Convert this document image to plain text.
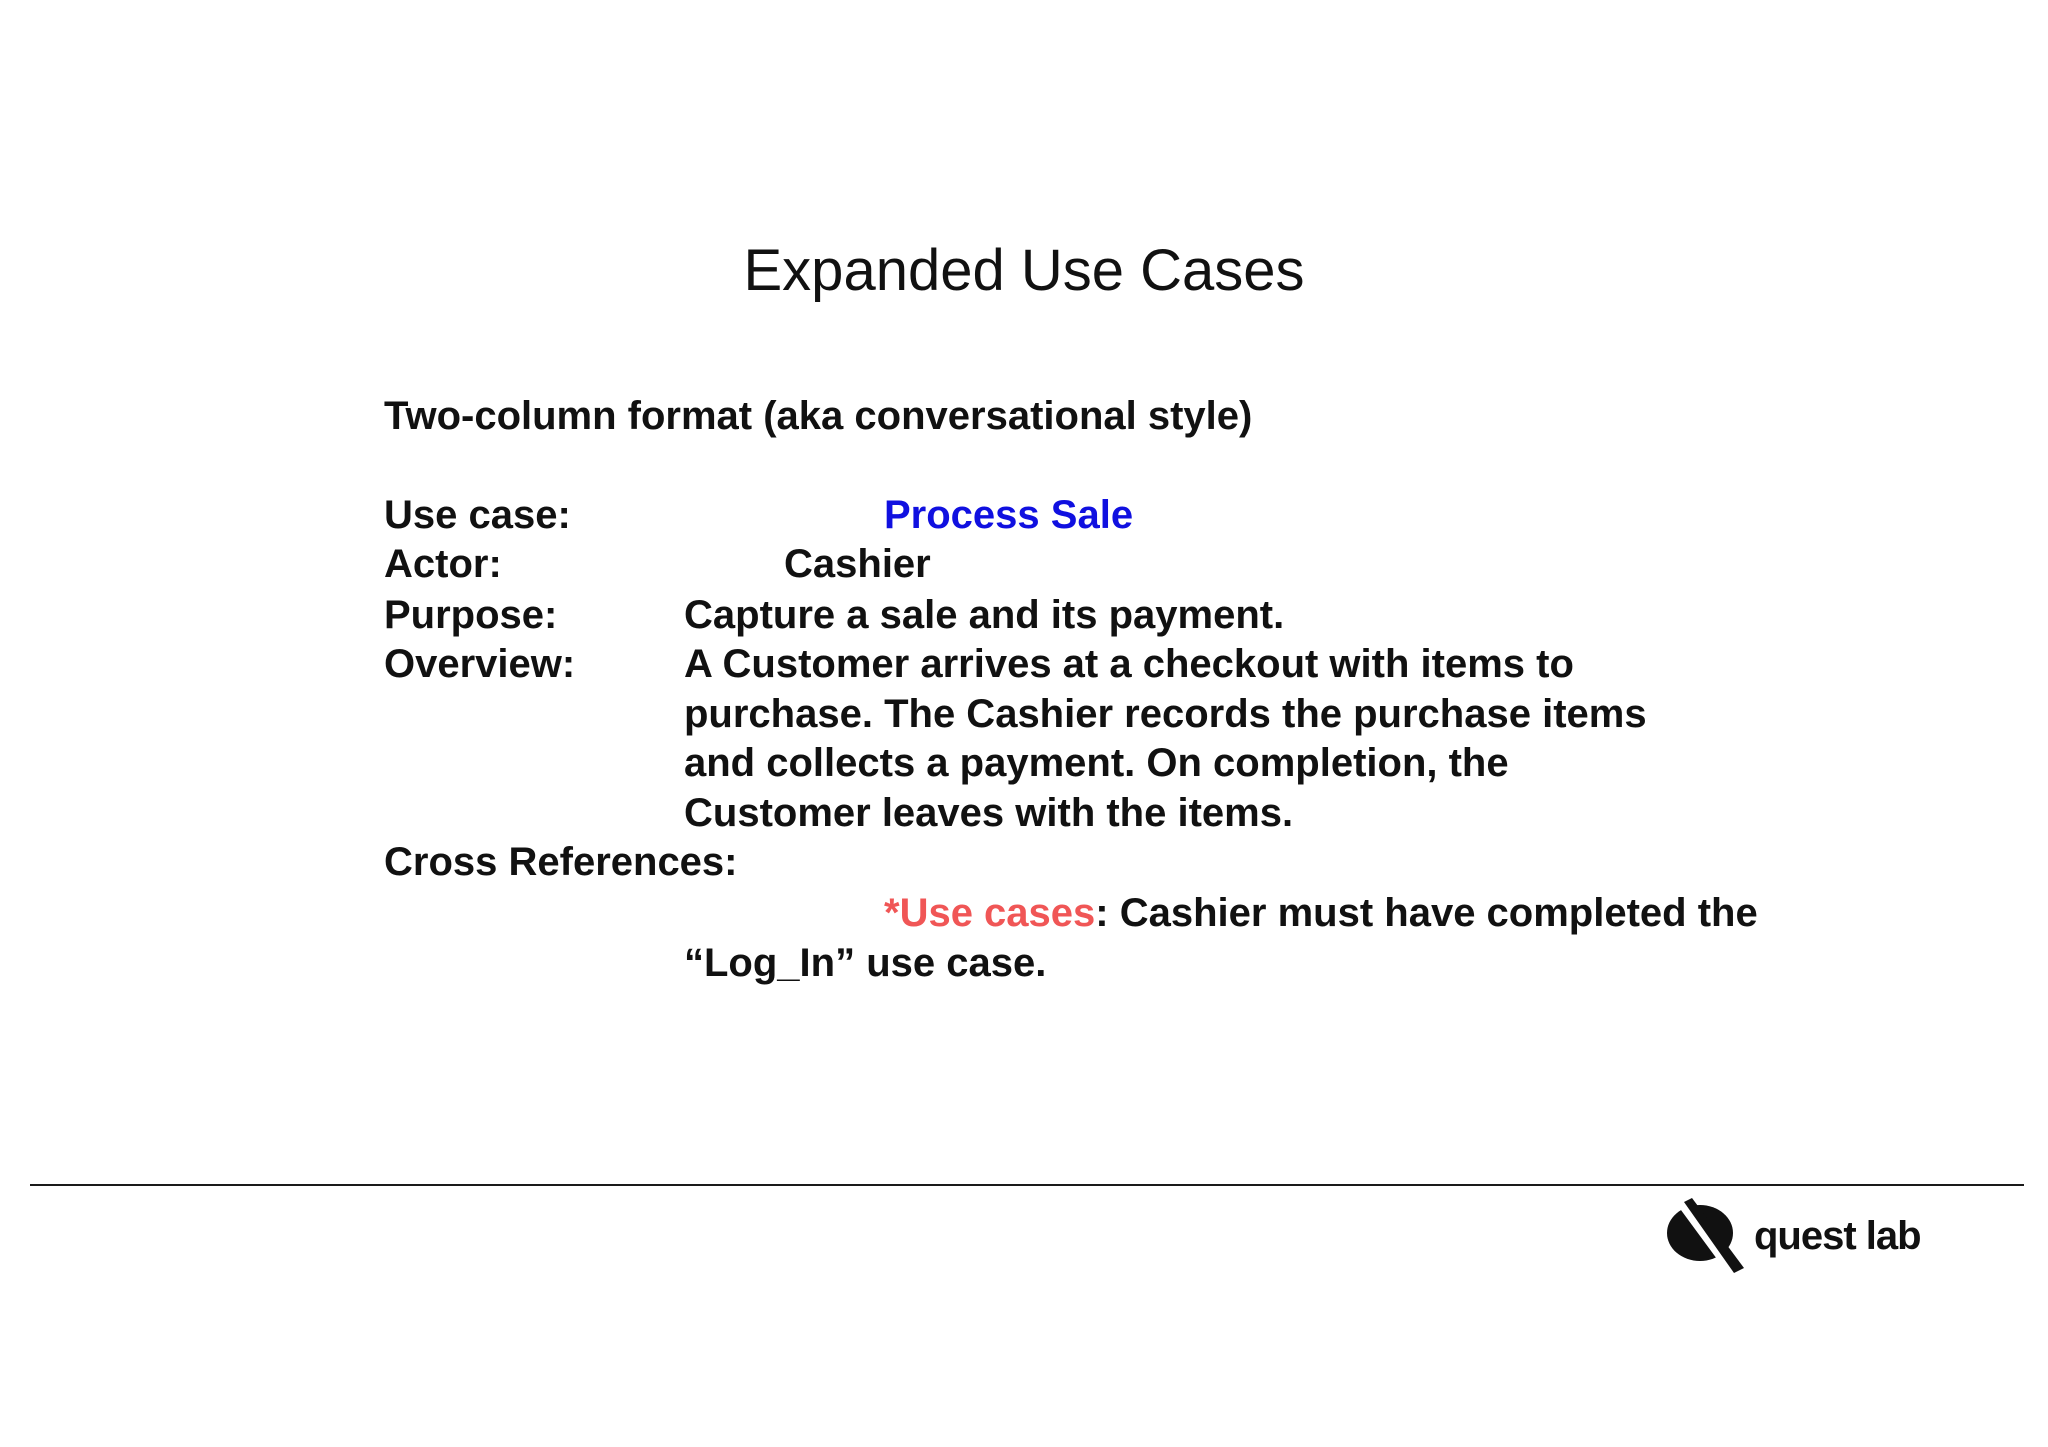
Expanded Use Cases
Two-column format (aka conversational style)
Use case:	Process Sale
Actor:	Cashier
Purpose:	Capture a sale and its payment.
Overview:	A Customer arrives at a checkout with items to
purchase. The Cashier records the purchase items
and collects a payment. On completion, the
Customer leaves with the items.
Cross References:
*Use cases: Cashier must have completed the
“Log_In” use case.
quest lab
